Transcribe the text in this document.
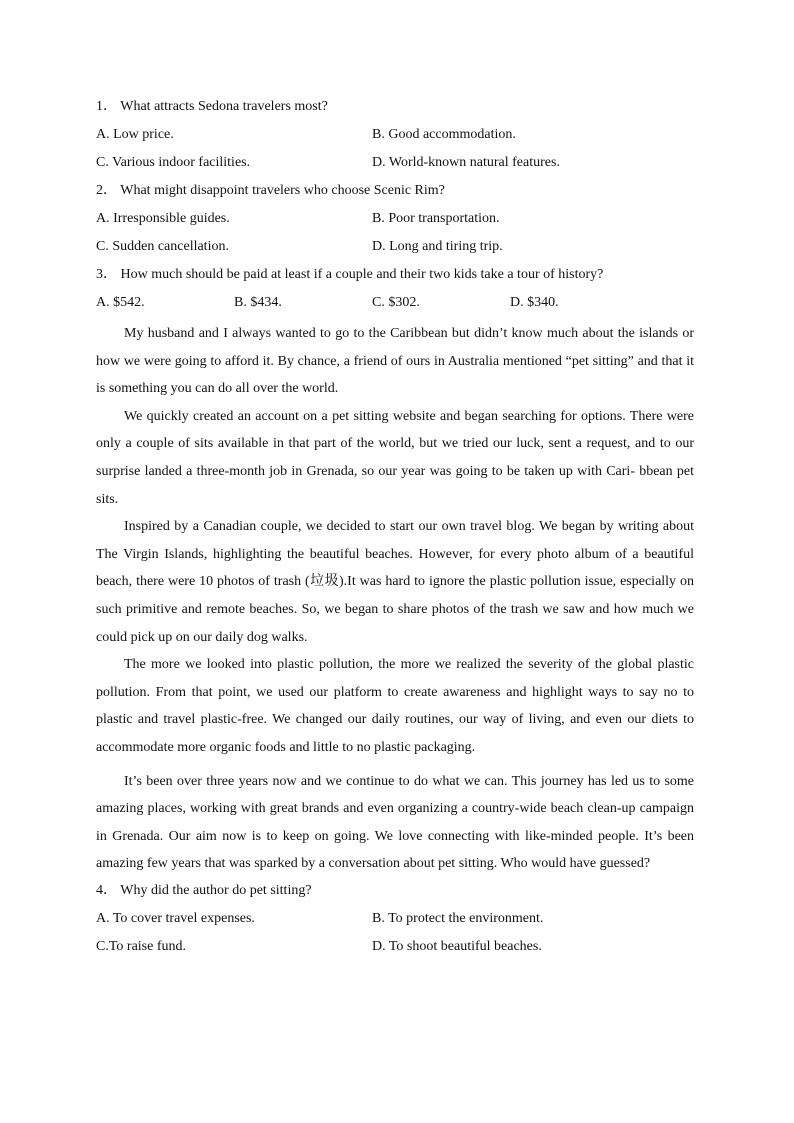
1． What attracts Sedona travelers most?
A. Low price.	B. Good accommodation.
C. Various indoor facilities.	D. World-known natural features.
2． What might disappoint travelers who choose Scenic Rim?
A. Irresponsible guides.	B. Poor transportation.
C. Sudden cancellation.	D. Long and tiring trip.
3． How much should be paid at least if a couple and their two kids take a tour of history?
A. $542.	B. $434.	C. $302.	D. $340.

My husband and I always wanted to go to the Caribbean but didn’t know much about the islands or how we were going to afford it. By chance, a friend of ours in Australia mentioned “pet sitting” and that it is something you can do all over the world.

We quickly created an account on a pet sitting website and began searching for options. There were only a couple of sits available in that part of the world, but we tried our luck, sent a request, and to our surprise landed a three-month job in Grenada, so our year was going to be taken up with Cari- bbean pet sits.

Inspired by a Canadian couple, we decided to start our own travel blog. We began by writing about The Virgin Islands, highlighting the beautiful beaches. However, for every photo album of a beautiful beach, there were 10 photos of trash (垃圾).It was hard to ignore the plastic pollution issue, especially on such primitive and remote beaches. So, we began to share photos of the trash we saw and how much we could pick up on our daily dog walks.

The more we looked into plastic pollution, the more we realized the severity of the global plastic pollution. From that point, we used our platform to create awareness and highlight ways to say no to plastic and travel plastic-free. We changed our daily routines, our way of living, and even our diets to accommodate more organic foods and little to no plastic packaging.

It’s been over three years now and we continue to do what we can. This journey has led us to some amazing places, working with great brands and even organizing a country-wide beach clean-up campaign in Grenada. Our aim now is to keep on going. We love connecting with like-minded people. It’s been amazing few years that was sparked by a conversation about pet sitting. Who would have guessed?

4． Why did the author do pet sitting?
A. To cover travel expenses.	B. To protect the environment.
C.To raise fund.	D. To shoot beautiful beaches.
